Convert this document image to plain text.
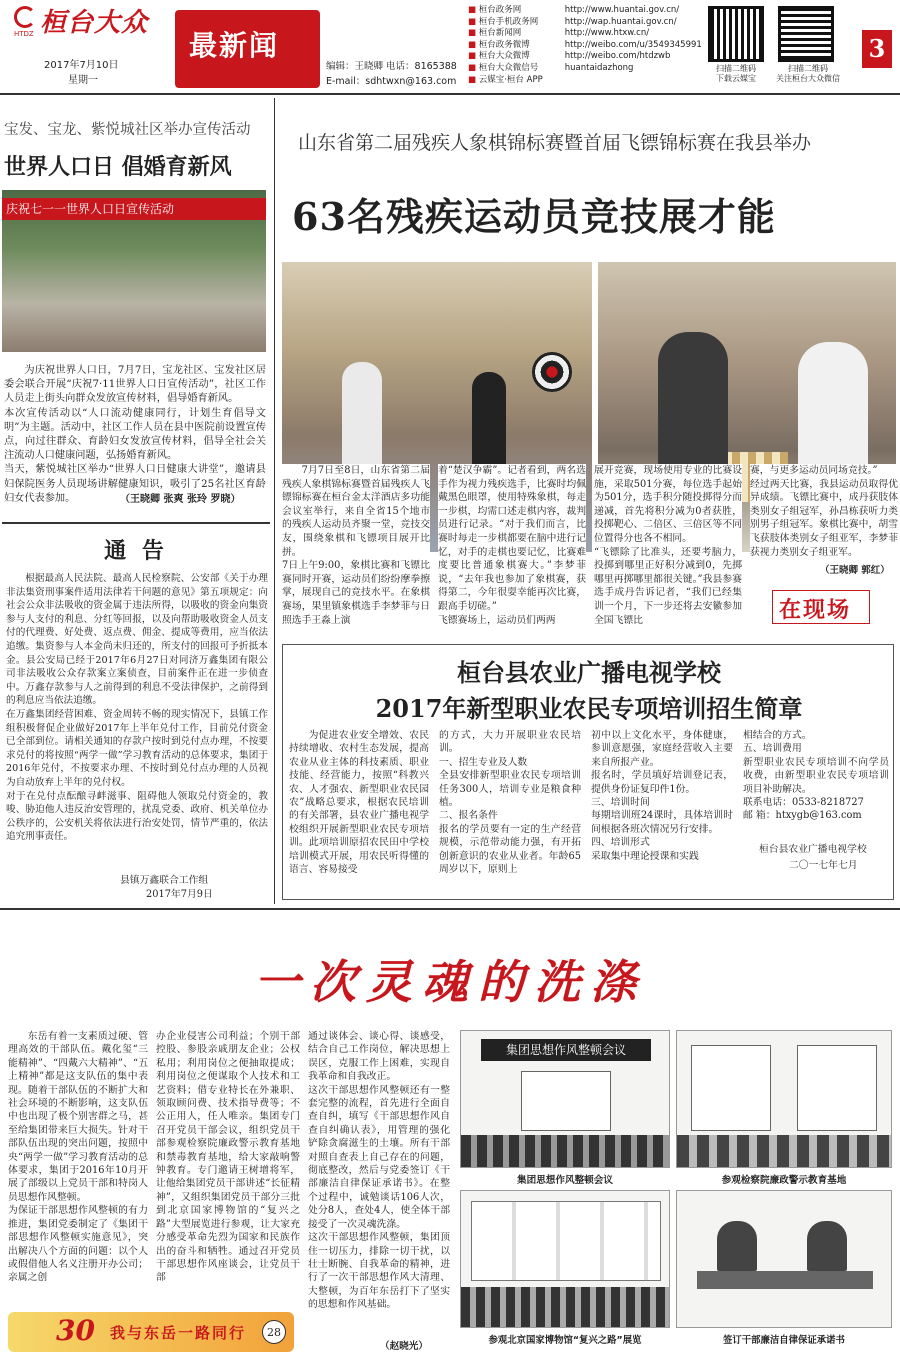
桓台大众
HTDZ
2017年7月10日
星期一
最新闻
编辑：王晓卿 电话：8165388
E-mail：sdhtwxn@163.com
■ 桓台政务网	http://www.huantai.gov.cn/
■ 桓台手机政务网	http://wap.huantai.gov.cn/
■ 桓台新闻网	http://www.htxw.cn/
■ 桓台政务微博	http://weibo.com/u/3549345991
■ 桓台大众微博	http://weibo.com/htdzwb
■ 桓台大众微信号	huantaidazhong
■ 云媒宝·桓台 APP
扫描二维码
下载云媒宝
扫描二维码
关注桓台大众微信
3
宝发、宝龙、紫悦城社区举办宣传活动
世界人口日 倡婚育新风
庆祝七一一世界人口日宣传活动
为庆祝世界人口日，7月7日，宝龙社区、宝发社区居委会联合开展“庆祝7·11世界人口日宣传活动”，社区工作人员走上街头向群众发放宣传材料，倡导婚育新风。
本次宣传活动以“人口流动健康同行，计划生育倡导文明”为主题。活动中，社区工作人员在县中医院前设置宣传点，向过往群众、育龄妇女发放宣传材料，倡导全社会关注流动人口健康问题，弘扬婚育新风。
当天，紫悦城社区举办“世界人口日健康大讲堂”，邀请县妇保院医务人员现场讲解健康知识，吸引了25名社区育龄妇女代表参加。	（王晓卿 张爽 张玲 罗晓）
通 告
根据最高人民法院、最高人民检察院、公安部《关于办理非法集资刑事案件适用法律若干问题的意见》第五项规定：向社会公众非法吸收的资金属于违法所得，以吸收的资金向集资参与人支付的利息、分红等回报，以及向帮助吸收资金人员支付的代理费、好处费、返点费、佣金、提成等费用，应当依法追缴。集资参与人本金尚未归还的，所支付的回报可予折抵本金。县公安局已经于2017年6月27日对同济万鑫集团有限公司非法吸收公众存款案立案侦查，目前案件正在进一步侦查中。万鑫存款参与人之前得到的利息不受法律保护，之前得到的利息应当依法追缴。
在万鑫集团经营困难、资金周转不畅的现实情况下，县镇工作组积极督促企业做好2017年上半年兑付工作，目前兑付资金已全部到位。请相关通知的存款户按时到兑付点办理，不按要求兑付的将按照“两学一做”学习教育活动的总体要求，集团于2016年兑付，不按要求办理、不按时到兑付点办理的人员视为自动放弃上半年的兑付权。
对于在兑付点酝酿寻衅滋事、阻碍他人领取兑付资金的，教唆、胁迫他人违反治安管理的，扰乱党委、政府、机关单位办公秩序的，公安机关将依法进行治安处罚，情节严重的，依法追究刑事责任。
县镇万鑫联合工作组
2017年7月9日
山东省第二届残疾人象棋锦标赛暨首届飞镖锦标赛在我县举办
63名残疾运动员竞技展才能
7月7日至8日，山东省第二届残疾人象棋锦标赛暨首届残疾人飞镖锦标赛在桓台金太洋酒店多功能会议室举行，来自全省15个地市的残疾人运动员齐聚一堂，竞技交友，围绕象棋和飞镖项目展开比拼。
7日上午9:00，象棋比赛和飞镖比赛同时开赛，运动员们纷纷摩拳擦掌，展现自己的竞技水平。在象棋赛场，果里镇象棋选手李梦菲与日照选手王淼上演
着“楚汉争霸”。记者看到，两名选手作为视力残疾选手，比赛时均佩戴黑色眼罩，使用特殊象棋，每走一步棋，均需口述走棋内容，裁判员进行记录。“对于我们而言，比赛时每走一步棋都要在脑中进行记忆，对手的走棋也要记忆，比赛难度要比普通象棋赛大。”李梦菲说，“去年我也参加了象棋赛，获得第二，今年很耍幸能再次比赛，跟高手切磋。”
飞镖赛场上，运动员们两两
展开竞赛，现场使用专业的比赛设施，采取501分赛，每位选手起始为501分，选手积分随投掷得分而递减，首先将积分减为0者获胜，投掷靶心、二倍区、三倍区等不同位置得分也各不相同。
“飞镖除了比准头，还要考脑力，投掷到哪里正好积分减到0，先掷哪里再掷哪里都很关键。”我县参赛选手成丹告诉记者，“我们已经集训一个月，下一步还将去安徽参加全国飞镖比
赛，与更多运动员同场竞技。”
经过两天比赛，我县运动员取得优异成绩。飞镖比赛中，成丹获肢体类别女子组冠军，孙昌栋获听力类别男子组冠军。象棋比赛中，胡雪飞获肢体类别女子组亚军，李梦菲获视力类别女子组亚军。
（王晓卿 郭红）
在现场
桓台县农业广播电视学校
2017年新型职业农民专项培训招生简章
为促进农业安全增效、农民持续增收、农村生态发展，提高农业从业主体的科技素质、职业技能、经营能力，按照“科教兴农、人才强农、新型职业农民园农”战略总要求，根据农民培训的有关部署，县农业广播电视学校组织开展新型职业农民专项培训。此项培训原招农民田中学校培训模式开展，用农民听得懂的语言、容易接受
的方式，大力开展职业农民培训。
一、招生专业及人数
全县安排新型职业农民专项培训任务300人，培训专业是粮食种植。
二、报名条件
报名的学员要有一定的生产经营规模，示范带动能力强，有开拓创新意识的农业从业者。年龄65周岁以下，原则上
初中以上文化水平，身体健康，参训意愿强，家庭经营收入主要来自所报产业。
报名时，学员填好培训登记表，提供身份证复印件1份。
三、培训时间
每期培训班24课时，具体培训时间根据各班次情况另行安排。
四、培训形式
采取集中理论授课和实践
相结合的方式。
五、培训费用
新型职业农民专项培训不向学员收费，由新型职业农民专项培训项目补助解决。
联系电话：0533-8218727
邮 箱：htxygb@163.com
桓台县农业广播电视学校
二〇一七年七月
一次灵魂的洗涤
东岳有着一支素质过硬、管理高效的干部队伍。戴化玺“三能精神”、“四戴六大精神”、“五上精神”都是这支队伍的集中表现。随着干部队伍的不断扩大和社会环境的不断影响，这支队伍中也出现了极个别害群之马，甚至给集团带来巨大损失。针对干部队伍出现的突出问题，按照中央“两学一做”学习教育活动的总体要求，集团于2016年10月开展了部级以上党员干部和特岗人员思想作风整顿。
为保证干部思想作风整顿的有力推进，集团党委制定了《集团干部思想作风整顿实施意见》，突出解决八个方面的问题：以个人或假借他人名义注册开办公司；亲属之创
办企业侵害公司利益；个别干部控股、参股亲戚朋友企业；公权私用；利用岗位之便抽取提成；利用岗位之便谋取个人技术和工艺资料；借专业特长在外兼职、领取顾问费、技术指导费等；不公正用人，任人唯亲。集团专门召开党员干部会议，组织党员干部参观检察院廉政警示教育基地和禁毒教育基地，给大家敲响警钟教育。专门邀请王树增将军，让他给集团党员干部讲述“长征精神”，又组织集团党员干部分三批到北京国家博物馆的“复兴之路”大型展览进行参观，让大家充分感受革命先烈为国家和民族作出的奋斗和牺牲。通过召开党员干部思想作风座谈会，让党员干部
通过谈体会、谈心得、谈感受，结合自己工作岗位，解决思想上误区，克服工作上困难，实现自我革命和自我改正。
这次干部思想作风整顿还有一整套完整的流程，首先进行全面自查自纠，填写《干部思想作风自查自纠确认表》，用管理的强化铲除贪腐滋生的土壤。所有干部对照自查表上自己存在的问题，彻底整改，然后与党委签订《干部廉洁自律保证承诺书》。在整个过程中，诚勉谈话106人次，处分8人，查处4人，使全体干部接受了一次灵魂洗涤。
这次干部思想作风整顿，集团顶住一切压力，排除一切干扰，以壮士断腕、自我革命的精神，进行了一次干部思想作风大清理、大整顿，为百年东岳打下了坚实的思想和作风基础。
（赵晓光）
30 我与东岳一路同行	28
集团思想作风整顿会议
集团思想作风整顿会议	参观检察院廉政警示教育基地
参观北京国家博物馆“复兴之路”展览	签订干部廉洁自律保证承诺书
